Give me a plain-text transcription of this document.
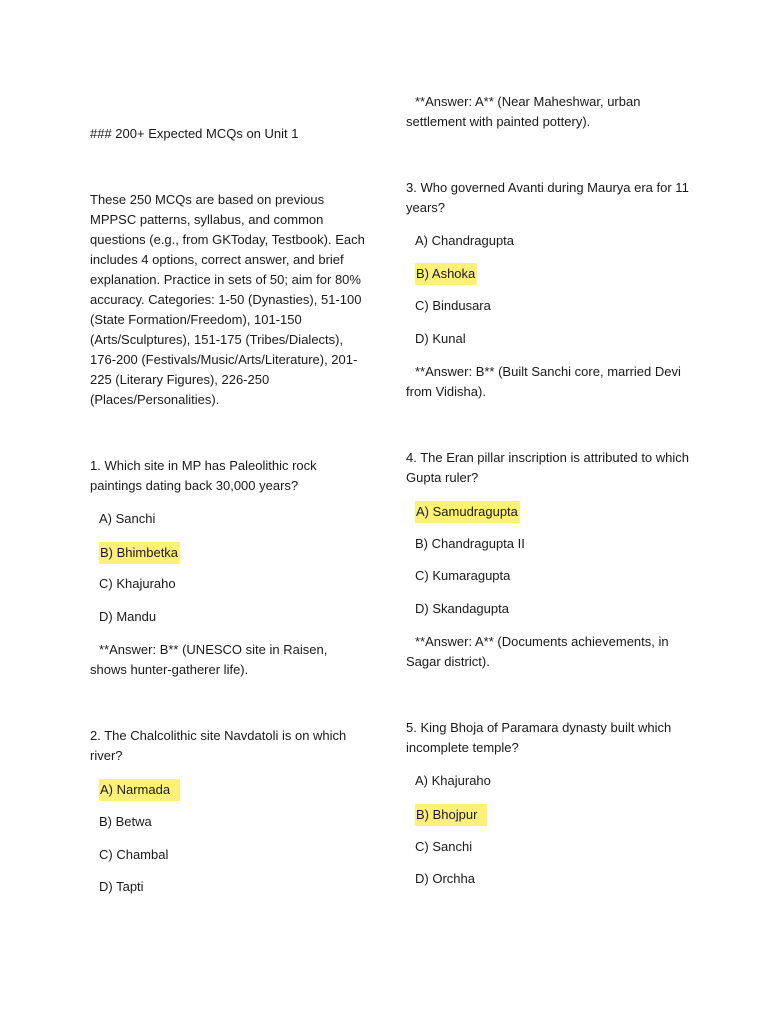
### 200+ Expected MCQs on Unit 1

These 250 MCQs are based on previous MPPSC patterns, syllabus, and common questions (e.g., from GKToday, Testbook). Each includes 4 options, correct answer, and brief explanation. Practice in sets of 50; aim for 80% accuracy. Categories: 1-50 (Dynasties), 51-100 (State Formation/Freedom), 101-150 (Arts/Sculptures), 151-175 (Tribes/Dialects), 176-200 (Festivals/Music/Arts/Literature), 201-225 (Literary Figures), 226-250 (Places/Personalities).

1. Which site in MP has Paleolithic rock paintings dating back 30,000 years?

A) Sanchi
B) Bhimbetka
C) Khajuraho
D) Mandu

**Answer: B** (UNESCO site in Raisen, shows hunter-gatherer life).

2. The Chalcolithic site Navdatoli is on which river?

A) Narmada
B) Betwa
C) Chambal
D) Tapti

**Answer: A** (Near Maheshwar, urban settlement with painted pottery).

3. Who governed Avanti during Maurya era for 11 years?

A) Chandragupta
B) Ashoka
C) Bindusara
D) Kunal

**Answer: B** (Built Sanchi core, married Devi from Vidisha).

4. The Eran pillar inscription is attributed to which Gupta ruler?

A) Samudragupta
B) Chandragupta II
C) Kumaragupta
D) Skandagupta

**Answer: A** (Documents achievements, in Sagar district).

5. King Bhoja of Paramara dynasty built which incomplete temple?

A) Khajuraho
B) Bhojpur
C) Sanchi
D) Orchha
